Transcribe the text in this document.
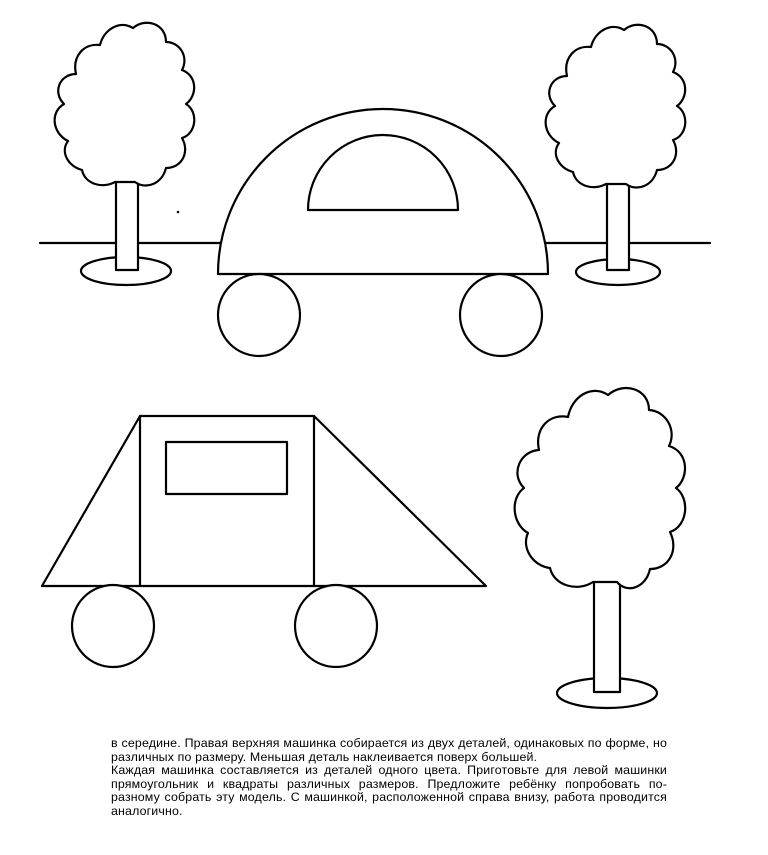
в середине. Правая верхняя машинка собирается из двух деталей, одинаковых по форме, но различных по размеру. Меньшая деталь наклеивается поверх большей.

Каждая машинка составляется из деталей одного цвета. Приготовьте для левой машинки прямоугольник и квадраты различных размеров. Предложите ребёнку попробовать по-разному собрать эту модель. С машинкой, расположенной справа внизу, работа проводится аналогично.
